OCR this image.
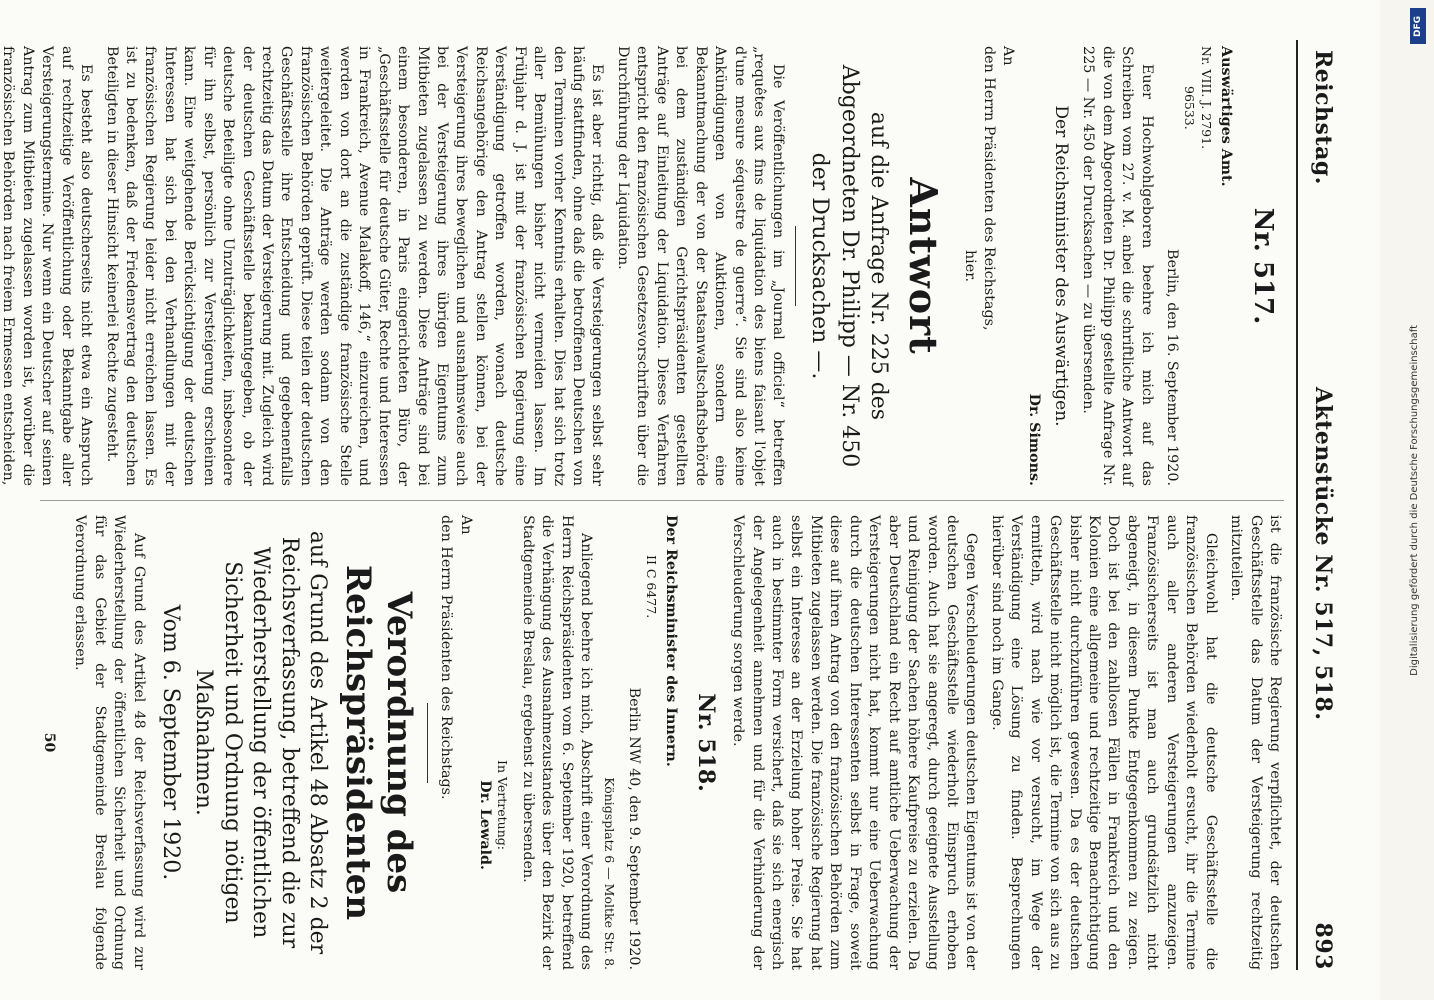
Reichstag.
Aktenstücke Nr. 517, 518.
893
Nr. 517.
Auswärtiges Amt.
Nr. VIII. J. 2791.
96533.

Berlin, den 16. September 1920.

Euer Hochwohlgeboren beehre ich mich auf das Schreiben vom 27. v. M. anbei die schriftliche Antwort auf die von dem Abgeordneten Dr. Philipp gestellte Anfrage Nr. 225 — Nr. 450 der Drucksachen — zu übersenden.

Der Reichsminister des Auswärtigen.

Dr. Simons.

An
den Herrn Präsidenten des Reichstags,
hier.
Antwort
auf die Anfrage Nr. 225 des Abgeordneten Dr. Philipp — Nr. 450 der Drucksachen —.

Die Veröffentlichungen im „Journal officiel“ betreffen „requêtes aux fins de liquidation des biens faisant l'objet d'une mesure séquestre de guerre“. Sie sind also keine Ankündigungen von Auktionen, sondern eine Bekanntmachung der von der Staatsanwaltschaftsbehörde bei dem zuständigen Gerichtspräsidenten gestellten Anträge auf Einleitung der Liquidation. Dieses Verfahren entspricht den französischen Gesetzesvorschriften über die Durchführung der Liquidation.

Es ist aber richtig, daß die Versteigerungen selbst sehr häufig stattfinden, ohne daß die betroffenen Deutschen von den Terminen vorher Kenntnis erhalten. Dies hat sich trotz aller Bemühungen bisher nicht vermeiden lassen. Im Frühjahr d. J. ist mit der französischen Regierung eine Verständigung getroffen worden, wonach deutsche Reichsangehörige den Antrag stellen können, bei der Versteigerung ihres beweglichen und ausnahmsweise auch bei der Versteigerung ihres übrigen Eigentums zum Mitbieten zugelassen zu werden. Diese Anträge sind bei einem besonderen, in Paris eingerichteten Büro, der „Geschäftsstelle für deutsche Güter, Rechte und Interessen in Frankreich, Avenue Malakoff, 146,“ einzureichen, und werden von dort an die zuständige französische Stelle weitergeleitet. Die Anträge werden sodann von den französischen Behörden geprüft. Diese teilen der deutschen Geschäftsstelle ihre Entscheidung und gegebenenfalls rechtzeitig das Datum der Versteigerung mit. Zugleich wird der deutschen Geschäftsstelle bekanntgegeben, ob der deutsche Beteiligte ohne Unzuträglichkeiten, insbesondere für ihn selbst, persönlich zur Versteigerung erscheinen kann. Eine weitgehende Berücksichtigung der deutschen Interessen hat sich bei den Verhandlungen mit der französischen Regierung leider nicht erreichen lassen. Es ist zu bedenken, daß der Friedensvertrag den deutschen Beteiligten in dieser Hinsicht keinerlei Rechte zugesteht.

Es besteht also deutscherseits nicht etwa ein Anspruch auf rechtzeitige Veröffentlichung oder Bekanntgabe aller Versteigerungstermine. Nur wenn ein Deutscher auf seinen Antrag zum Mitbieten zugelassen worden ist, worüber die französischen Behörden nach freiem Ermessen entscheiden,

ist die französische Regierung verpflichtet, der deutschen Geschäftsstelle das Datum der Versteigerung rechtzeitig mitzuteilen.

Gleichwohl hat die deutsche Geschäftsstelle die französischen Behörden wiederholt ersucht, ihr die Termine auch aller anderen Versteigerungen anzuzeigen. Französischerseits ist man auch grundsätzlich nicht abgeneigt, in diesem Punkte Entgegenkommen zu zeigen. Doch ist bei den zahllosen Fällen in Frankreich und den Kolonien eine allgemeine und rechtzeitige Benachrichtigung bisher nicht durchzuführen gewesen. Da es der deutschen Geschäftsstelle nicht möglich ist, die Termine von sich aus zu ermitteln, wird nach wie vor versucht, im Wege der Verständigung eine Lösung zu finden. Besprechungen hierüber sind noch im Gange.

Gegen Verschleuderungen deutschen Eigentums ist von der deutschen Geschäftsstelle wiederholt Einspruch erhoben worden. Auch hat sie angeregt, durch geeignete Ausstellung und Reinigung der Sachen höhere Kaufpreise zu erzielen. Da aber Deutschland ein Recht auf amtliche Ueberwachung der Versteigerungen nicht hat, kommt nur eine Ueberwachung durch die deutschen Interessenten selbst in Frage, soweit diese auf ihren Antrag von den französischen Behörden zum Mitbieten zugelassen werden. Die französische Regierung hat selbst ein Interesse an der Erzielung hoher Preise. Sie hat auch in bestimmter Form versichert, daß sie sich energisch der Angelegenheit annehmen und für die Verhinderung der Verschleuderung sorgen werde.

Nr. 518.
Der Reichsminister des Innern.
II C 6477.

Berlin NW 40, den 9. September 1920.

Königsplatz 6 — Moltke Str. 8.

Anliegend beehre ich mich, Abschrift einer Verordnung des Herrn Reichspräsidenten vom 6. September 1920, betreffend die Verhängung des Ausnahmezustandes über den Bezirk der Stadtgemeinde Breslau, ergebenst zu übersenden.

In Vertretung:
Dr. Lewald.
An
den Herrn Präsidenten des Reichstags.
Verordnung des Reichspräsidenten
auf Grund des Artikel 48 Absatz 2 der Reichsverfassung, betreffend die zur Wiederherstellung der öffentlichen Sicherheit und Ordnung nötigen Maßnahmen.
Vom 6. September 1920.

Auf Grund des Artikel 48 der Reichsverfassung wird zur Wiederherstellung der öffentlichen Sicherheit und Ordnung für das Gebiet der Stadtgemeinde Breslau folgende Verordnung erlassen.

50
Digitalisierung gefördert durch die Deutsche Forschungsgemeinschaft
DFG
